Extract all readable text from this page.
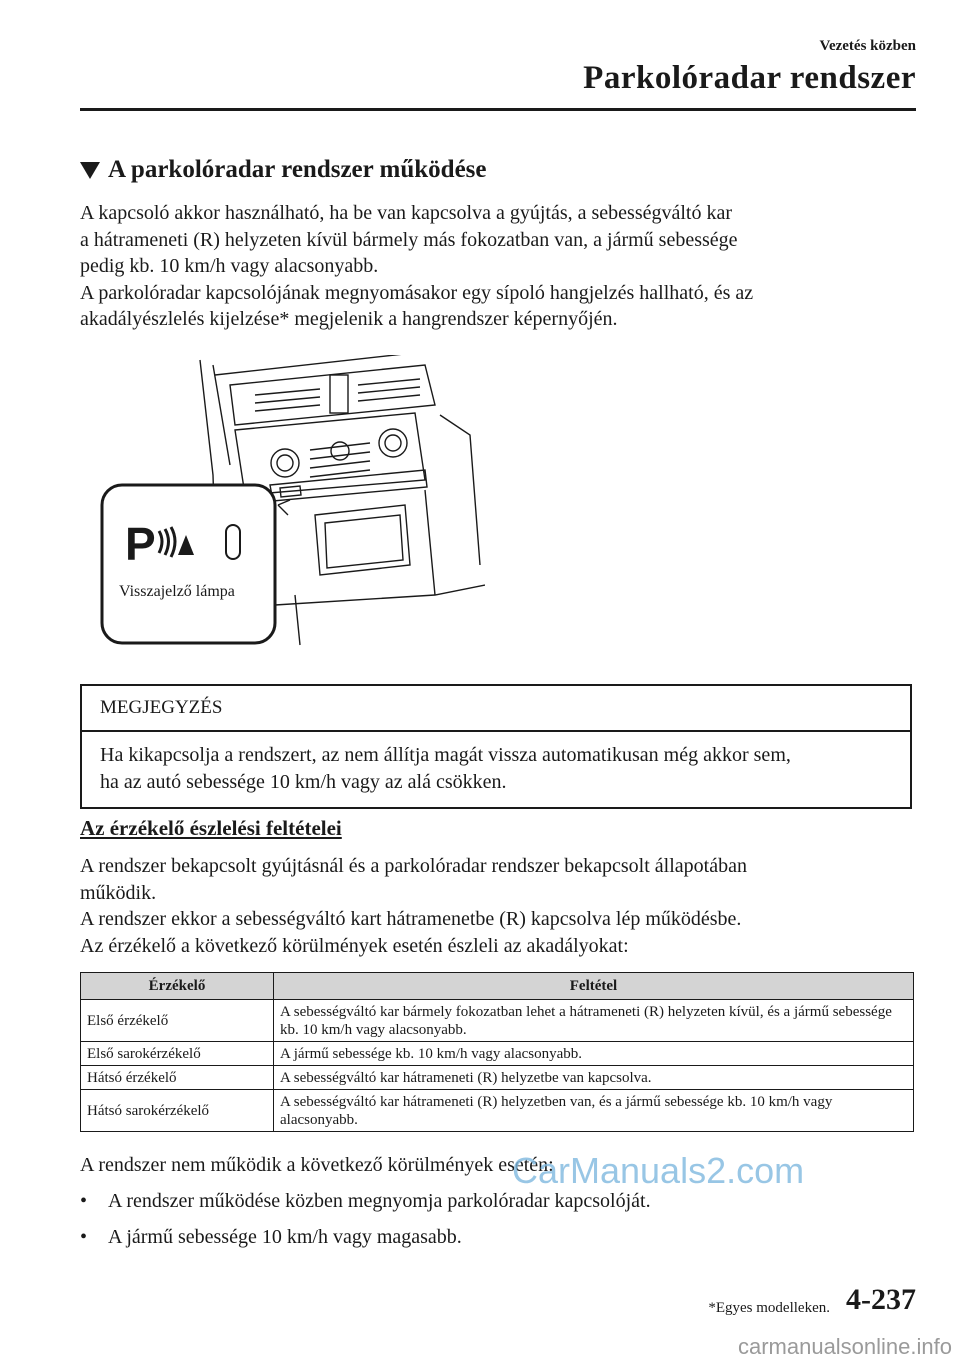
Vezetés közben
Parkolóradar rendszer
A parkolóradar rendszer működése

A kapcsoló akkor használható, ha be van kapcsolva a gyújtás, a sebességváltó kar

a hátrameneti (R) helyzeten kívül bármely más fokozatban van, a jármű sebessége

pedig kb. 10 km/h vagy alacsonyabb.

A parkolóradar kapcsolójának megnyomásakor egy sípoló hangjelzés hallható, és az

akadályészlelés kijelzése* megjelenik a hangrendszer képernyőjén.

P
Visszajelző lámpa
MEGJEGYZÉS
Ha kikapcsolja a rendszert, az nem állítja magát vissza automatikusan még akkor sem,
ha az autó sebessége 10 km/h vagy az alá csökken.
Az érzékelő észlelési feltételei

A rendszer bekapcsolt gyújtásnál és a parkolóradar rendszer bekapcsolt állapotában

működik.

A rendszer ekkor a sebességváltó kart hátramenetbe (R) kapcsolva lép működésbe.

Az érzékelő a következő körülmények esetén észleli az akadályokat:

Érzékelő	Feltétel
Első érzékelő	A sebességváltó kar bármely fokozatban lehet a hátrameneti (R) helyzeten kívül, és a jármű sebessége kb. 10 km/h vagy alacsonyabb.
Első sarokérzékelő	A jármű sebessége kb. 10 km/h vagy alacsonyabb.
Hátsó érzékelő	A sebességváltó kar hátrameneti (R) helyzetbe van kapcsolva.
Hátsó sarokérzékelő	A sebességváltó kar hátrameneti (R) helyzetben van, és a jármű sebessége kb. 10 km/h vagy alacsonyabb.
A rendszer nem működik a következő körülmények esetén:
•	A rendszer működése közben megnyomja parkolóradar kapcsolóját.
•	A jármű sebessége 10 km/h vagy magasabb.
CarManuals2.com
*Egyes modelleken. 4-237
carmanualsonline.info
